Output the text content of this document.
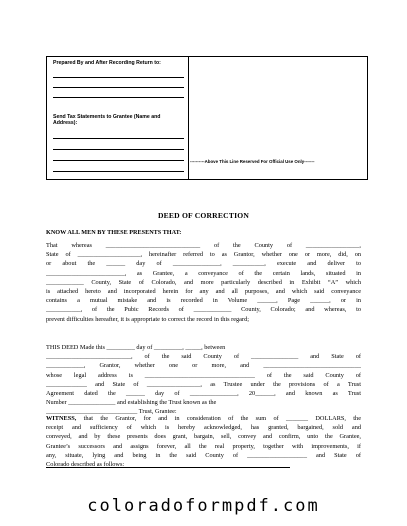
Prepared By and After Recording Return to:
Send Tax Statements to Grantee (Name and Address):
----------Above This Line Reserved For Official Use Only-------
DEED OF CORRECTION
KNOW ALL MEN BY THESE PRESENTS THAT:
That whereas ______________________________ of the County of _________________,
State of ____________________, hereinafter referred to as Grantor, whether one or more, did, on
or about the ______ day of _______________, __________, execute and deliver to
_________________________, as Grantee, a conveyance of the certain lands, situated in
____________ County, State of Colorado, and more particularly described in Exhibit “A” which
is attached hereto and incorporated herein for any and all purposes, and which said conveyance
contains a mutual mistake and is recorded in Volume ______, Page ______, or in
___________, of the Pubic Records of ____________ County, Colorado; and whereas, to
prevent difficulties hereafter, it is appropriate to correct the record in this regard;
THIS DEED Made this _________ day of _________, _____, between
___________________________, of the said County of _______________ and State of
____________, Grantor, whether one or more, and _______________________________
whose legal address is ___________________________________ of the said County of
_____________ and State of _________________, as Trustee under the provisions of a Trust
Agreement dated the ______ day of _______________, 20______, and known as Trust
Number _______________ and establishing the Trust known as the
_____________________________ Trust, Grantee:
WITNESS, that the Grantor, for and in consideration of the sum of _______ DOLLARS, the
receipt and sufficiency of which is hereby acknowledged, has granted, bargained, sold and
conveyed, and by these presents does grant, bargain, sell, convey and confirm, unto the Grantee,
Grantee’s successors and assigns forever, all the real property, together with improvements, if
any, situate, lying and being in the said County of ___________________ and State of
Colorado described as follows:
coloradoformpdf.com
